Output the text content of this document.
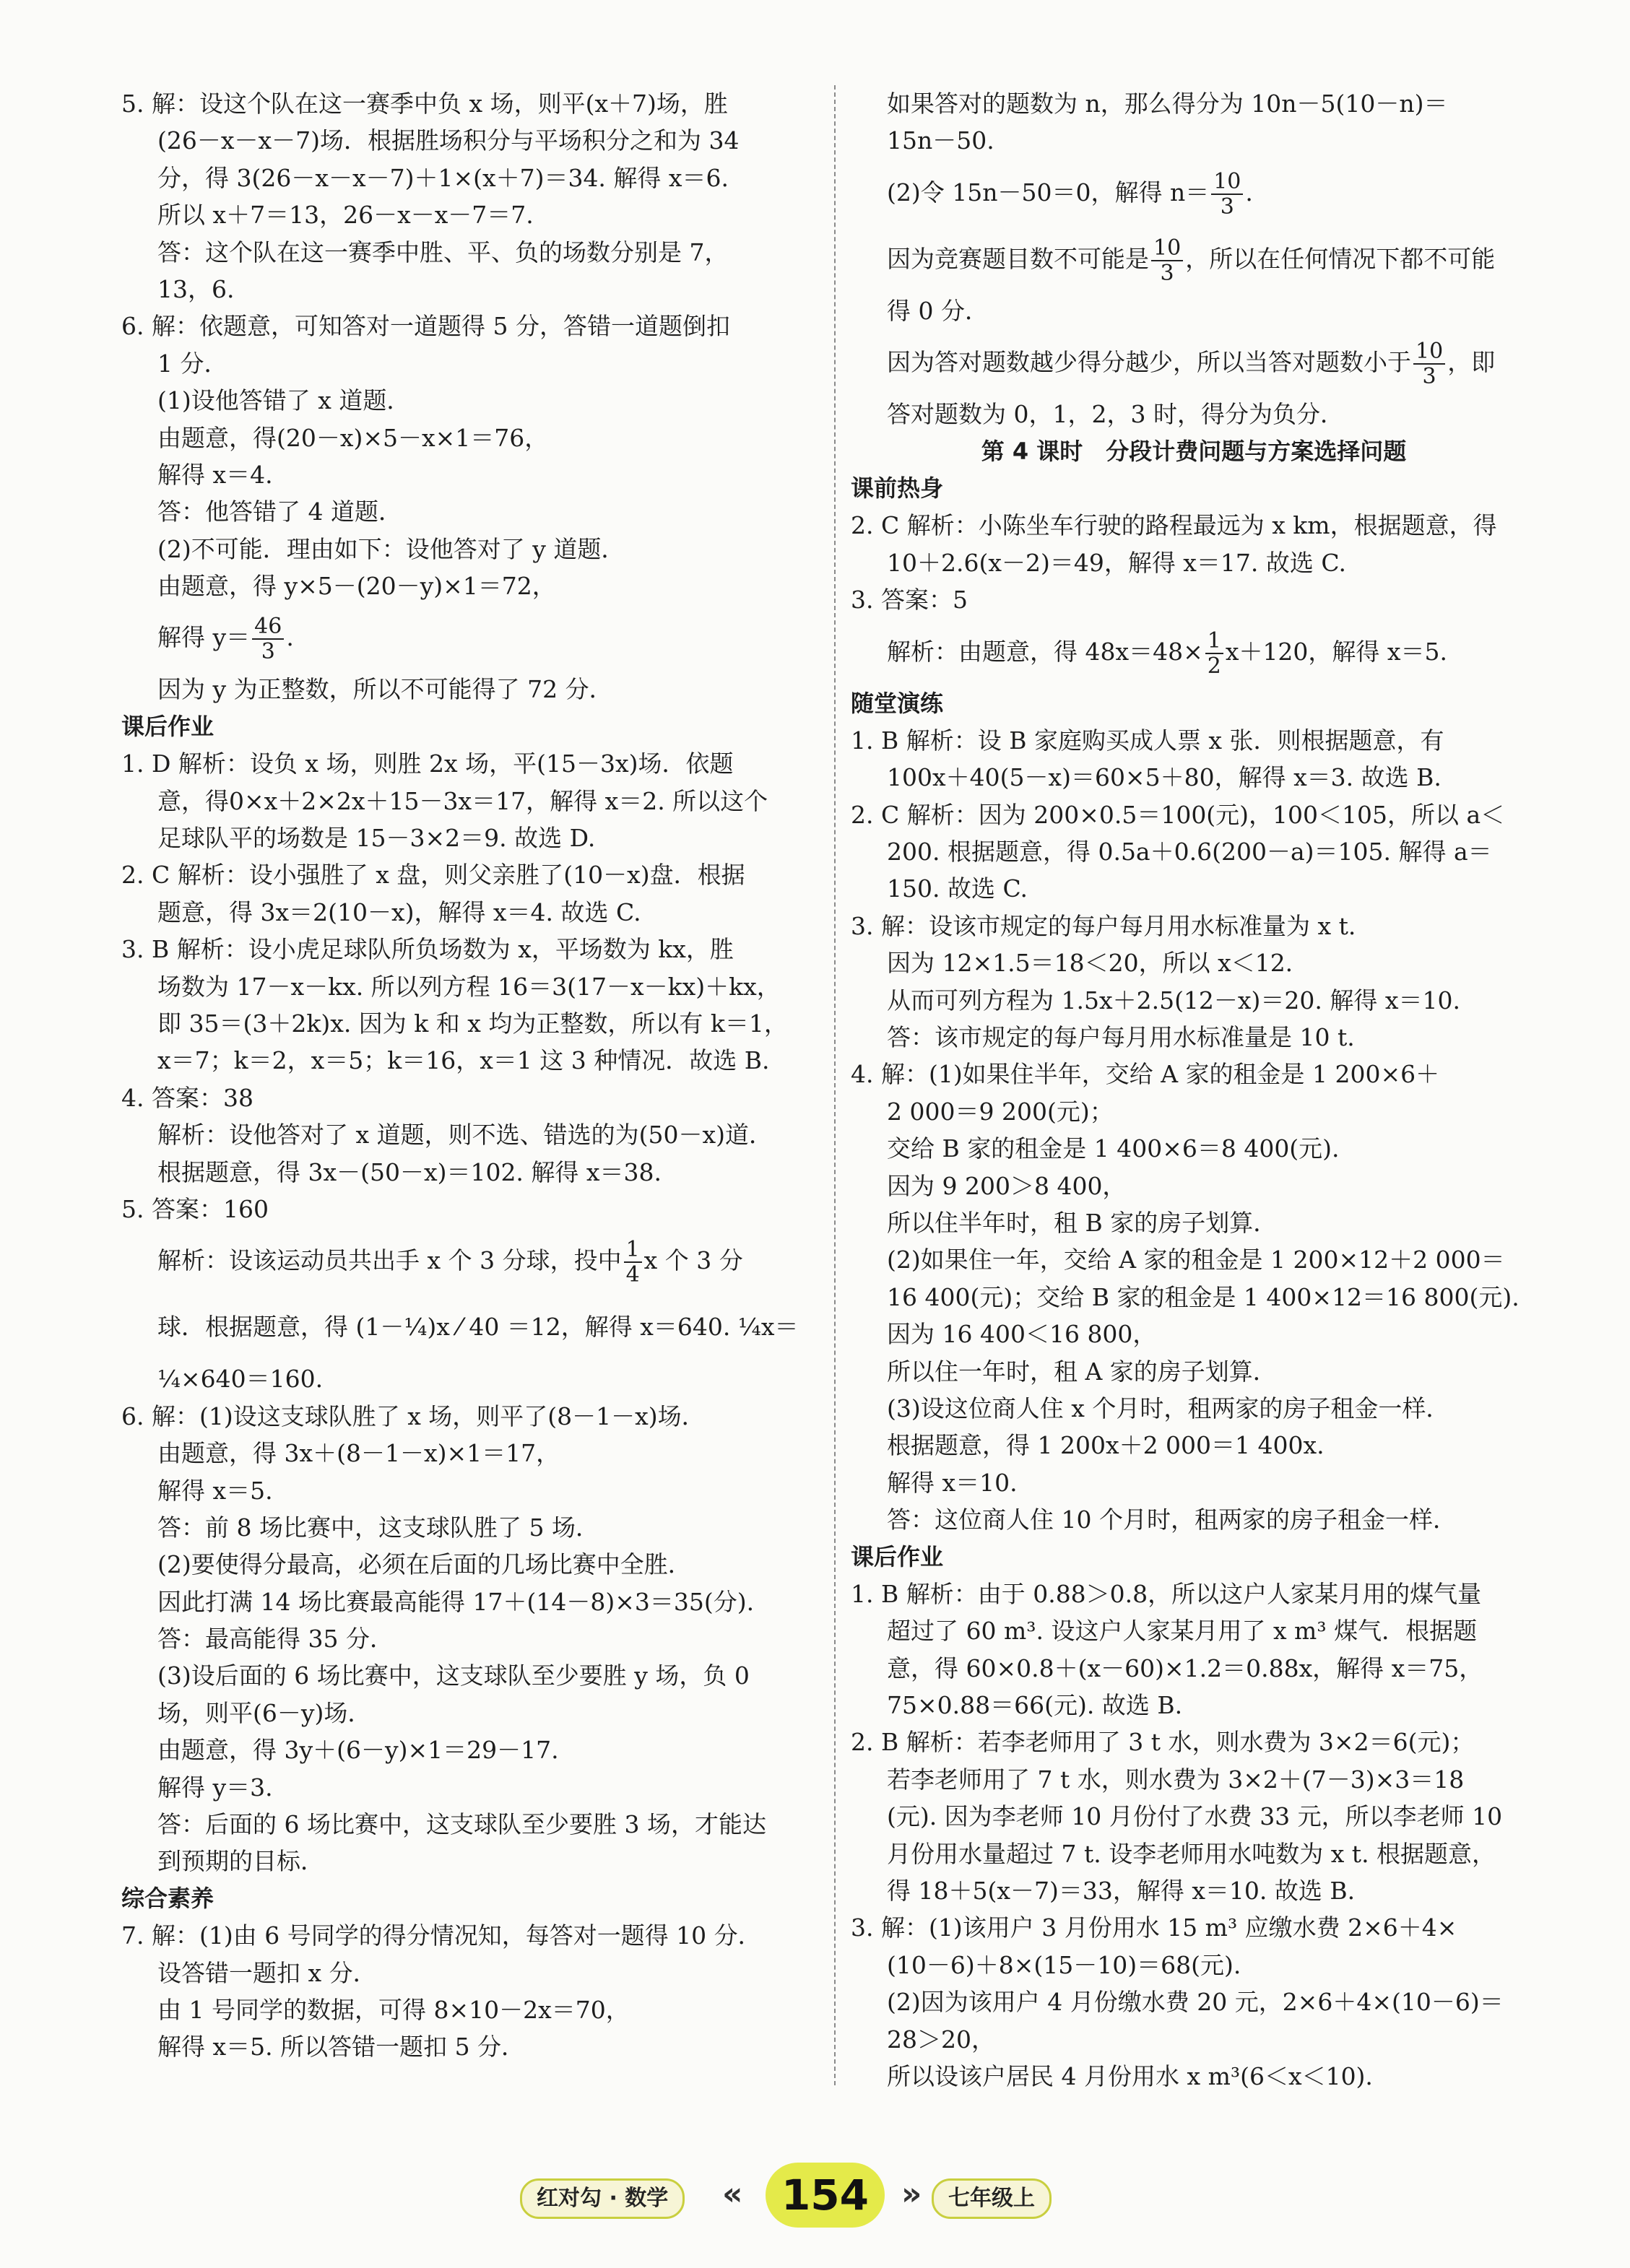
5. 解：设这个队在这一赛季中负 x 场，则平(x＋7)场，胜
(26－x－x－7)场．根据胜场积分与平场积分之和为 34
分，得 3(26－x－x－7)＋1×(x＋7)＝34. 解得 x＝6.
所以 x＋7＝13，26－x－x－7＝7.
答：这个队在这一赛季中胜、平、负的场数分别是 7，
13，6.
6. 解：依题意，可知答对一道题得 5 分，答错一道题倒扣
1 分．
(1)设他答错了 x 道题．
由题意，得(20－x)×5－x×1＝76，
解得 x＝4.
答：他答错了 4 道题．
(2)不可能．理由如下：设他答对了 y 道题．
由题意，得 y×5－(20－y)×1＝72，
解得 $y= \frac{46}{3}$ .
因为 y 为正整数，所以不可能得了 72 分．
课后作业
1. D 解析：设负 x 场，则胜 2x 场，平(15－3x)场．依题
意，得0×x＋2×2x＋15－3x＝17，解得 x＝2. 所以这个
足球队平的场数是 15－3×2＝9. 故选 D.
2. C 解析：设小强胜了 x 盘，则父亲胜了(10－x)盘．根据
题意，得 3x＝2(10－x)，解得 x＝4. 故选 C.
3. B 解析：设小虎足球队所负场数为 x，平场数为 kx，胜
场数为 17－x－kx. 所以列方程 16＝3(17－x－kx)＋kx，
即 35＝(3＋2k)x. 因为 k 和 x 均为正整数，所以有 k＝1，
x＝7；k＝2，x＝5；k＝16，x＝1 这 3 种情况．故选 B.
4. 答案：38
解析：设他答对了 x 道题，则不选、错选的为(50－x)道．
根据题意，得 3x－(50－x)＝102. 解得 x＝38.
5. 答案：160
解析：设该运动员共出手 x 个 3 分球，投中 $\frac{1}{4}$ x 个 3 分
球．根据题意，得 (1－¼)x ⁄ 40 ＝12，解得 x＝640. ¼x＝
¼×640＝160.
6. 解：(1)设这支球队胜了 x 场，则平了(8－1－x)场．
由题意，得 3x＋(8－1－x)×1＝17，
解得 x＝5.
答：前 8 场比赛中，这支球队胜了 5 场．
(2)要使得分最高，必须在后面的几场比赛中全胜．
因此打满 14 场比赛最高能得 17＋(14－8)×3＝35(分).
答：最高能得 35 分．
(3)设后面的 6 场比赛中，这支球队至少要胜 y 场，负 0
场，则平(6－y)场．
由题意，得 3y＋(6－y)×1＝29－17.
解得 y＝3.
答：后面的 6 场比赛中，这支球队至少要胜 3 场，才能达
到预期的目标．
综合素养
7. 解：(1)由 6 号同学的得分情况知，每答对一题得 10 分．
设答错一题扣 x 分．
由 1 号同学的数据，可得 8×10－2x＝70，
解得 x＝5. 所以答错一题扣 5 分．
如果答对的题数为 n，那么得分为 10n－5(10－n)＝
15n－50.
(2)令 15n－50＝0，解得 $n= \frac{10}{3}$ .
因为竞赛题目数不可能是 $\frac{10}{3}$ ，所以在任何情况下都不可能
得 0 分．
因为答对题数越少得分越少，所以当答对题数小于 $\frac{10}{3}$ ，即
答对题数为 0，1，2，3 时，得分为负分．
第 4 课时　分段计费问题与方案选择问题
课前热身
2. C 解析：小陈坐车行驶的路程最远为 x km，根据题意，得
10＋2.6(x－2)＝49，解得 x＝17. 故选 C.
3. 答案：5
解析：由题意，得 $48x=48\times \frac{1}{2} x+120$，解得 x＝5.
随堂演练
1. B 解析：设 B 家庭购买成人票 x 张．则根据题意，有
100x＋40(5－x)＝60×5＋80，解得 x＝3. 故选 B.
2. C 解析：因为 200×0.5＝100(元)，100＜105，所以 a＜
200. 根据题意，得 0.5a＋0.6(200－a)＝105. 解得 a＝
150. 故选 C.
3. 解：设该市规定的每户每月用水标准量为 x t.
因为 12×1.5＝18＜20，所以 x＜12.
从而可列方程为 1.5x＋2.5(12－x)＝20. 解得 x＝10.
答：该市规定的每户每月用水标准量是 10 t.
4. 解：(1)如果住半年，交给 A 家的租金是 1 200×6＋
2 000＝9 200(元)；
交给 B 家的租金是 1 400×6＝8 400(元).
因为 9 200＞8 400，
所以住半年时，租 B 家的房子划算．
(2)如果住一年，交给 A 家的租金是 1 200×12＋2 000＝
16 400(元)；交给 B 家的租金是 1 400×12＝16 800(元).
因为 16 400＜16 800，
所以住一年时，租 A 家的房子划算．
(3)设这位商人住 x 个月时，租两家的房子租金一样．
根据题意，得 1 200x＋2 000＝1 400x.
解得 x＝10.
答：这位商人住 10 个月时，租两家的房子租金一样．
课后作业
1. B 解析：由于 0.88＞0.8，所以这户人家某月用的煤气量
超过了 60 m³. 设这户人家某月用了 x m³ 煤气．根据题
意，得 60×0.8＋(x－60)×1.2＝0.88x，解得 x＝75，
75×0.88＝66(元). 故选 B.
2. B 解析：若李老师用了 3 t 水，则水费为 3×2＝6(元)；
若李老师用了 7 t 水，则水费为 3×2＋(7－3)×3＝18
(元). 因为李老师 10 月份付了水费 33 元，所以李老师 10
月份用水量超过 7 t. 设李老师用水吨数为 x t. 根据题意，
得 18＋5(x－7)＝33，解得 x＝10. 故选 B.
3. 解：(1)该用户 3 月份用水 15 m³ 应缴水费 2×6＋4×
(10－6)＋8×(15－10)＝68(元).
(2)因为该用户 4 月份缴水费 20 元，2×6＋4×(10－6)＝
28＞20，
所以设该户居民 4 月份用水 x m³(6＜x＜10).
红对勾 · 数学	« 154	»	七年级上
